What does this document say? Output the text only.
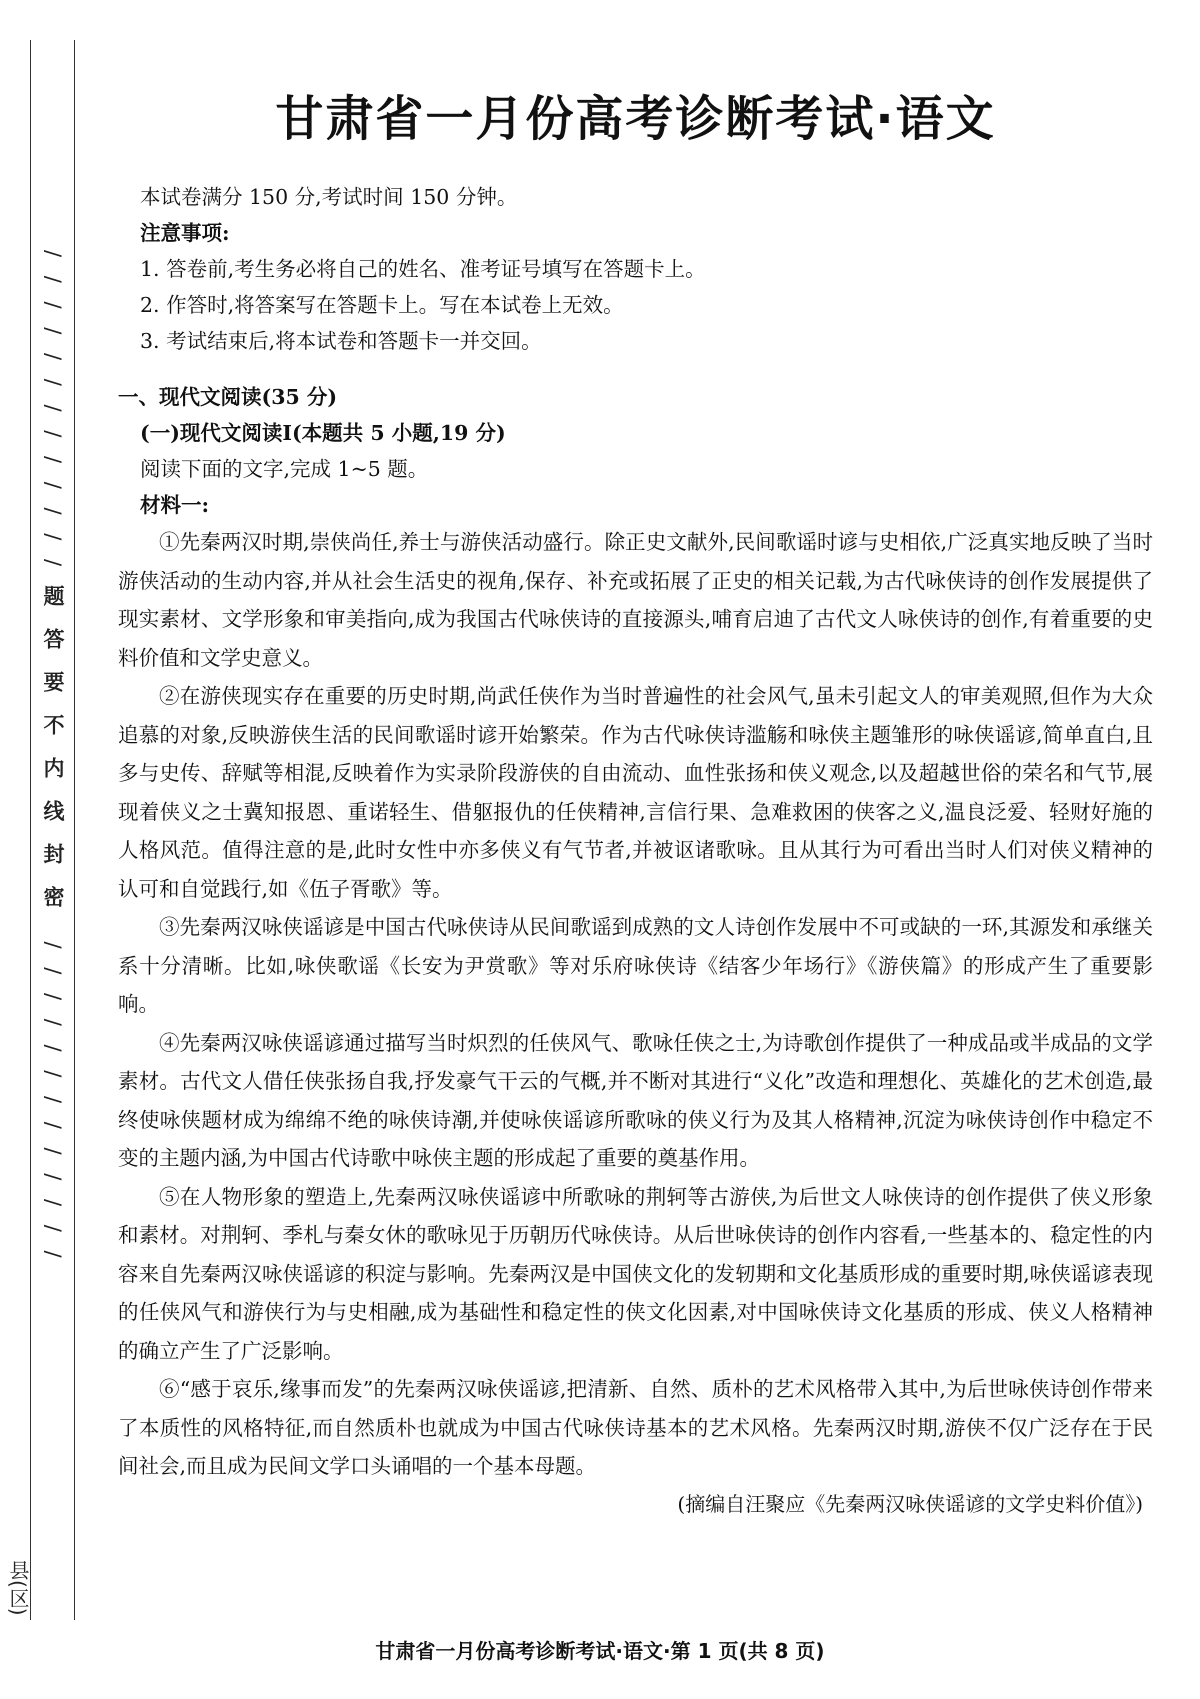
/ / / / / / / / / / / / / 题答要不内线封密 / / / / / / / / / / / / /
县(区)
甘肃省一月份高考诊断考试·语文
本试卷满分 150 分,考试时间 150 分钟。
注意事项:
1. 答卷前,考生务必将自己的姓名、准考证号填写在答题卡上。
2. 作答时,将答案写在答题卡上。写在本试卷上无效。
3. 考试结束后,将本试卷和答题卡一并交回。
一、现代文阅读(35 分)
(一)现代文阅读Ⅰ(本题共 5 小题,19 分)
阅读下面的文字,完成 1~5 题。
材料一:

①先秦两汉时期,崇侠尚任,养士与游侠活动盛行。除正史文献外,民间歌谣时谚与史相依,广泛真实地反映了当时游侠活动的生动内容,并从社会生活史的视角,保存、补充或拓展了正史的相关记载,为古代咏侠诗的创作发展提供了现实素材、文学形象和审美指向,成为我国古代咏侠诗的直接源头,哺育启迪了古代文人咏侠诗的创作,有着重要的史料价值和文学史意义。

②在游侠现实存在重要的历史时期,尚武任侠作为当时普遍性的社会风气,虽未引起文人的审美观照,但作为大众追慕的对象,反映游侠生活的民间歌谣时谚开始繁荣。作为古代咏侠诗滥觞和咏侠主题雏形的咏侠谣谚,简单直白,且多与史传、辞赋等相混,反映着作为实录阶段游侠的自由流动、血性张扬和侠义观念,以及超越世俗的荣名和气节,展现着侠义之士冀知报恩、重诺轻生、借躯报仇的任侠精神,言信行果、急难救困的侠客之义,温良泛爱、轻财好施的人格风范。值得注意的是,此时女性中亦多侠义有气节者,并被讴诸歌咏。且从其行为可看出当时人们对侠义精神的认可和自觉践行,如《伍子胥歌》等。

③先秦两汉咏侠谣谚是中国古代咏侠诗从民间歌谣到成熟的文人诗创作发展中不可或缺的一环,其源发和承继关系十分清晰。比如,咏侠歌谣《长安为尹赏歌》等对乐府咏侠诗《结客少年场行》《游侠篇》的形成产生了重要影响。

④先秦两汉咏侠谣谚通过描写当时炽烈的任侠风气、歌咏任侠之士,为诗歌创作提供了一种成品或半成品的文学素材。古代文人借任侠张扬自我,抒发豪气干云的气概,并不断对其进行“义化”改造和理想化、英雄化的艺术创造,最终使咏侠题材成为绵绵不绝的咏侠诗潮,并使咏侠谣谚所歌咏的侠义行为及其人格精神,沉淀为咏侠诗创作中稳定不变的主题内涵,为中国古代诗歌中咏侠主题的形成起了重要的奠基作用。

⑤在人物形象的塑造上,先秦两汉咏侠谣谚中所歌咏的荆轲等古游侠,为后世文人咏侠诗的创作提供了侠义形象和素材。对荆轲、季札与秦女休的歌咏见于历朝历代咏侠诗。从后世咏侠诗的创作内容看,一些基本的、稳定性的内容来自先秦两汉咏侠谣谚的积淀与影响。先秦两汉是中国侠文化的发轫期和文化基质形成的重要时期,咏侠谣谚表现的任侠风气和游侠行为与史相融,成为基础性和稳定性的侠文化因素,对中国咏侠诗文化基质的形成、侠义人格精神的确立产生了广泛影响。

⑥“感于哀乐,缘事而发”的先秦两汉咏侠谣谚,把清新、自然、质朴的艺术风格带入其中,为后世咏侠诗创作带来了本质性的风格特征,而自然质朴也就成为中国古代咏侠诗基本的艺术风格。先秦两汉时期,游侠不仅广泛存在于民间社会,而且成为民间文学口头诵唱的一个基本母题。

(摘编自汪聚应《先秦两汉咏侠谣谚的文学史料价值》)
甘肃省一月份高考诊断考试·语文·第 1 页(共 8 页)
